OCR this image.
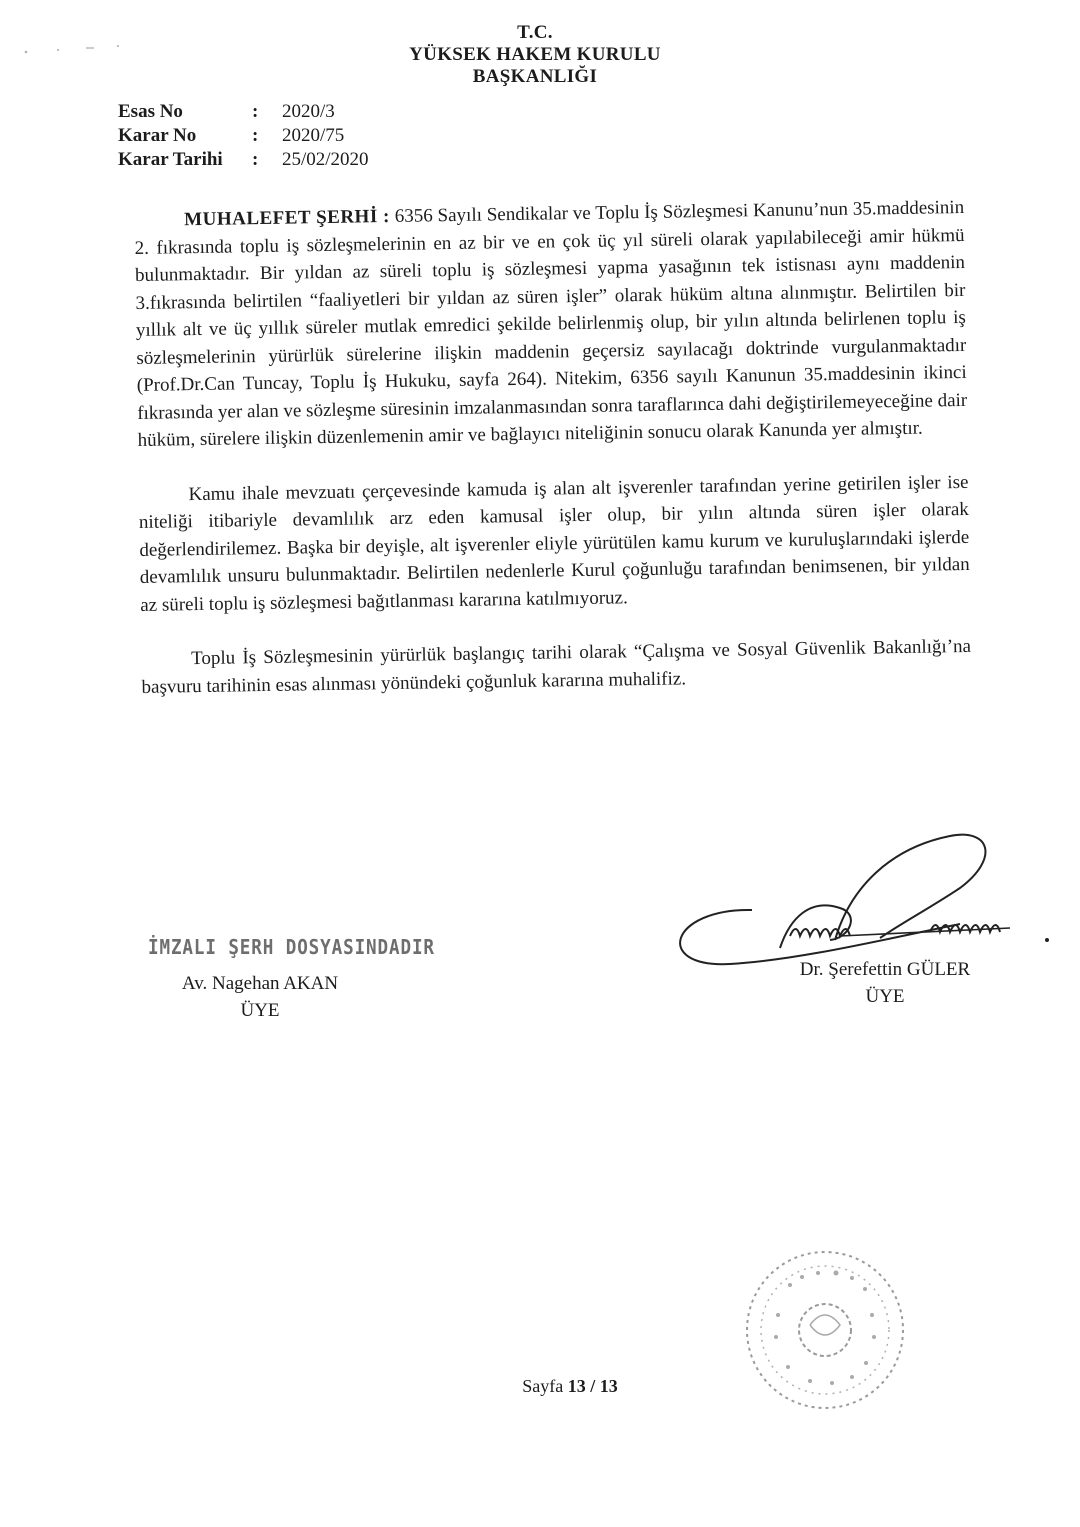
T.C.
YÜKSEK HAKEM KURULU
BAŞKANLIĞI
Esas No	:	2020/3
Karar No	:	2020/75
Karar Tarihi	:	25/02/2020

MUHALEFET ŞERHİ : 6356 Sayılı Sendikalar ve Toplu İş Sözleşmesi Kanunu’nun 35.maddesinin 2. fıkrasında toplu iş sözleşmelerinin en az bir ve en çok üç yıl süreli olarak yapılabileceği amir hükmü bulunmaktadır. Bir yıldan az süreli toplu iş sözleşmesi yapma yasağının tek istisnası aynı maddenin 3.fıkrasında belirtilen “faaliyetleri bir yıldan az süren işler” olarak hüküm altına alınmıştır. Belirtilen bir yıllık alt ve üç yıllık süreler mutlak emredici şekilde belirlenmiş olup, bir yılın altında belirlenen toplu iş sözleşmelerinin yürürlük sürelerine ilişkin maddenin geçersiz sayılacağı doktrinde vurgulanmaktadır (Prof.Dr.Can Tuncay, Toplu İş Hukuku, sayfa 264). Nitekim, 6356 sayılı Kanunun 35.maddesinin ikinci fıkrasında yer alan ve sözleşme süresinin imzalanmasından sonra taraflarınca dahi değiştirilemeyeceğine dair hüküm, sürelere ilişkin düzenlemenin amir ve bağlayıcı niteliğinin sonucu olarak Kanunda yer almıştır.

Kamu ihale mevzuatı çerçevesinde kamuda iş alan alt işverenler tarafından yerine getirilen işler ise niteliği itibariyle devamlılık arz eden kamusal işler olup, bir yılın altında süren işler olarak değerlendirilemez. Başka bir deyişle, alt işverenler eliyle yürütülen kamu kurum ve kuruluşlarındaki işlerde devamlılık unsuru bulunmaktadır. Belirtilen nedenlerle Kurul çoğunluğu tarafından benimsenen, bir yıldan az süreli toplu iş sözleşmesi bağıtlanması kararına katılmıyoruz.

Toplu İş Sözleşmesinin yürürlük başlangıç tarihi olarak “Çalışma ve Sosyal Güvenlik Bakanlığı’na başvuru tarihinin esas alınması yönündeki çoğunluk kararına muhalifiz.

İMZALI ŞERH DOSYASINDADIR
Av. Nagehan AKAN
ÜYE
Dr. Şerefettin GÜLER
ÜYE
Sayfa 13 / 13
